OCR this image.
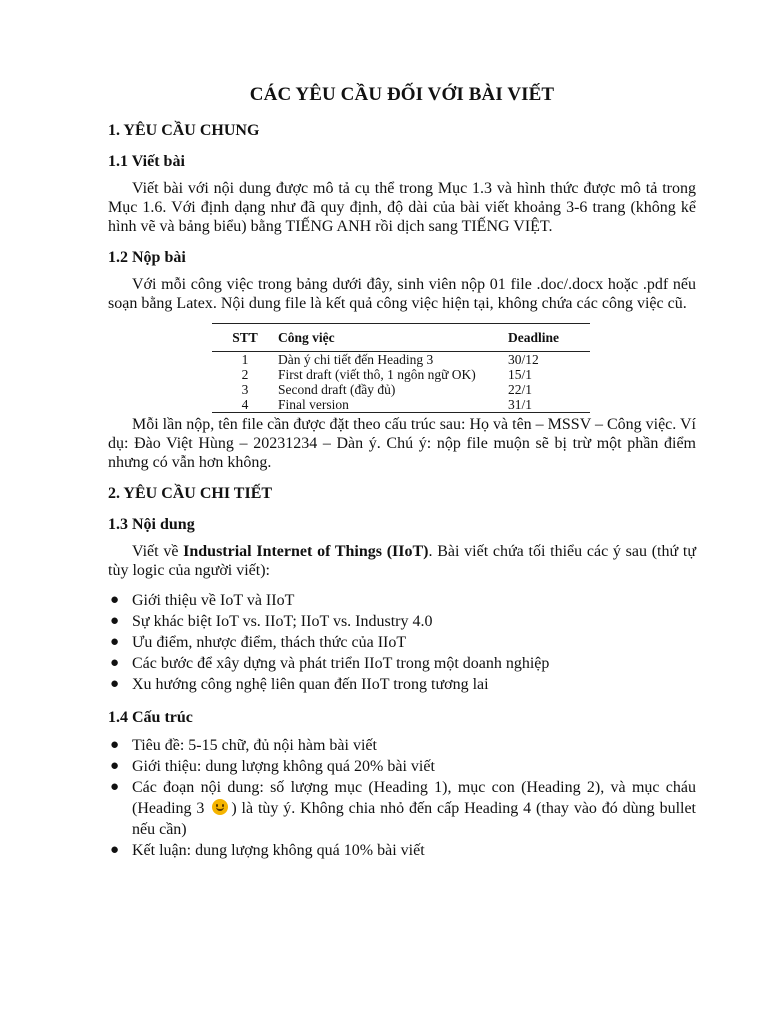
CÁC YÊU CẦU ĐỐI VỚI BÀI VIẾT
1. YÊU CẦU CHUNG
1.1 Viết bài

Viết bài với nội dung được mô tả cụ thể trong Mục 1.3 và hình thức được mô tả trong Mục 1.6. Với định dạng như đã quy định, độ dài của bài viết khoảng 3-6 trang (không kể hình vẽ và bảng biểu) bằng TIẾNG ANH rồi dịch sang TIẾNG VIỆT.

1.2 Nộp bài

Với mỗi công việc trong bảng dưới đây, sinh viên nộp 01 file .doc/.docx hoặc .pdf nếu soạn bằng Latex. Nội dung file là kết quả công việc hiện tại, không chứa các công việc cũ.

STT	Công việc	Deadline
1	Dàn ý chi tiết đến Heading 3	30/12
2	First draft (viết thô, 1 ngôn ngữ OK)	15/1
3	Second draft (đầy đủ)	22/1
4	Final version	31/1

Mỗi lần nộp, tên file cần được đặt theo cấu trúc sau: Họ và tên – MSSV – Công việc. Ví dụ: Đào Việt Hùng – 20231234 – Dàn ý. Chú ý: nộp file muộn sẽ bị trừ một phần điểm nhưng có vẫn hơn không.

2. YÊU CẦU CHI TIẾT
1.3 Nội dung

Viết về Industrial Internet of Things (IIoT). Bài viết chứa tối thiểu các ý sau (thứ tự tùy logic của người viết):

● Giới thiệu về IoT và IIoT
● Sự khác biệt IoT vs. IIoT; IIoT vs. Industry 4.0
● Ưu điểm, nhược điểm, thách thức của IIoT
● Các bước để xây dựng và phát triển IIoT trong một doanh nghiệp
● Xu hướng công nghệ liên quan đến IIoT trong tương lai
1.4 Cấu trúc
● Tiêu đề: 5-15 chữ, đủ nội hàm bài viết
● Giới thiệu: dung lượng không quá 20% bài viết
● Các đoạn nội dung: số lượng mục (Heading 1), mục con (Heading 2), và mục cháu (Heading 3 ) là tùy ý. Không chia nhỏ đến cấp Heading 4 (thay vào đó dùng bullet nếu cần)
● Kết luận: dung lượng không quá 10% bài viết
